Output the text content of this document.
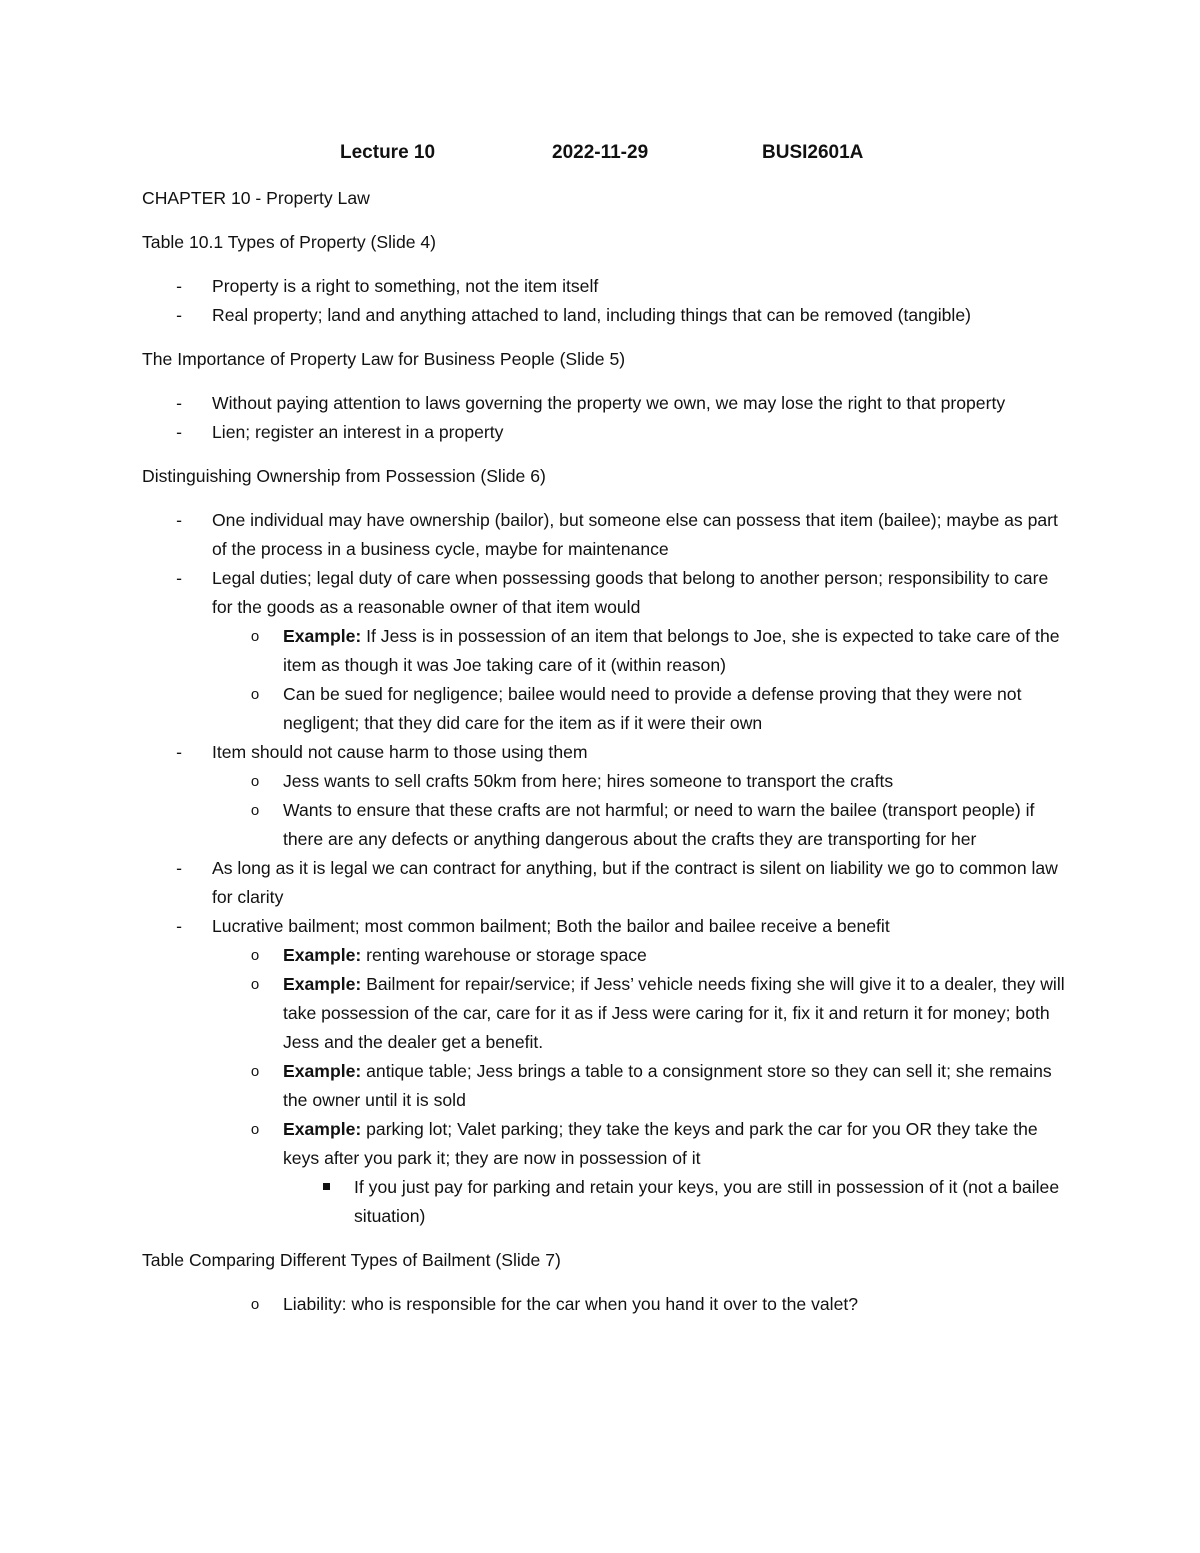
Lecture 10	2022-11-29	BUSI2601A

CHAPTER 10 - Property Law

Table 10.1 Types of Property (Slide 4)

- Property is a right to something, not the item itself
- Real property; land and anything attached to land, including things that can be removed (tangible)

The Importance of Property Law for Business People (Slide 5)

- Without paying attention to laws governing the property we own, we may lose the right to that property
- Lien; register an interest in a property

Distinguishing Ownership from Possession (Slide 6)

- One individual may have ownership (bailor), but someone else can possess that item (bailee); maybe as part of the process in a business cycle, maybe for maintenance
- Legal duties; legal duty of care when possessing goods that belong to another person; responsibility to care for the goods as a reasonable owner of that item would
o Example: If Jess is in possession of an item that belongs to Joe, she is expected to take care of the item as though it was Joe taking care of it (within reason)
o Can be sued for negligence; bailee would need to provide a defense proving that they were not negligent; that they did care for the item as if it were their own
- Item should not cause harm to those using them
o Jess wants to sell crafts 50km from here; hires someone to transport the crafts
o Wants to ensure that these crafts are not harmful; or need to warn the bailee (transport people) if there are any defects or anything dangerous about the crafts they are transporting for her
- As long as it is legal we can contract for anything, but if the contract is silent on liability we go to common law for clarity
- Lucrative bailment; most common bailment; Both the bailor and bailee receive a benefit
o Example: renting warehouse or storage space
o Example: Bailment for repair/service; if Jess’ vehicle needs fixing she will give it to a dealer, they will take possession of the car, care for it as if Jess were caring for it, fix it and return it for money; both Jess and the dealer get a benefit.
o Example: antique table; Jess brings a table to a consignment store so they can sell it; she remains the owner until it is sold
o Example: parking lot; Valet parking; they take the keys and park the car for you OR they take the keys after you park it; they are now in possession of it
If you just pay for parking and retain your keys, you are still in possession of it (not a bailee situation)

Table Comparing Different Types of Bailment (Slide 7)

o Liability: who is responsible for the car when you hand it over to the valet?
